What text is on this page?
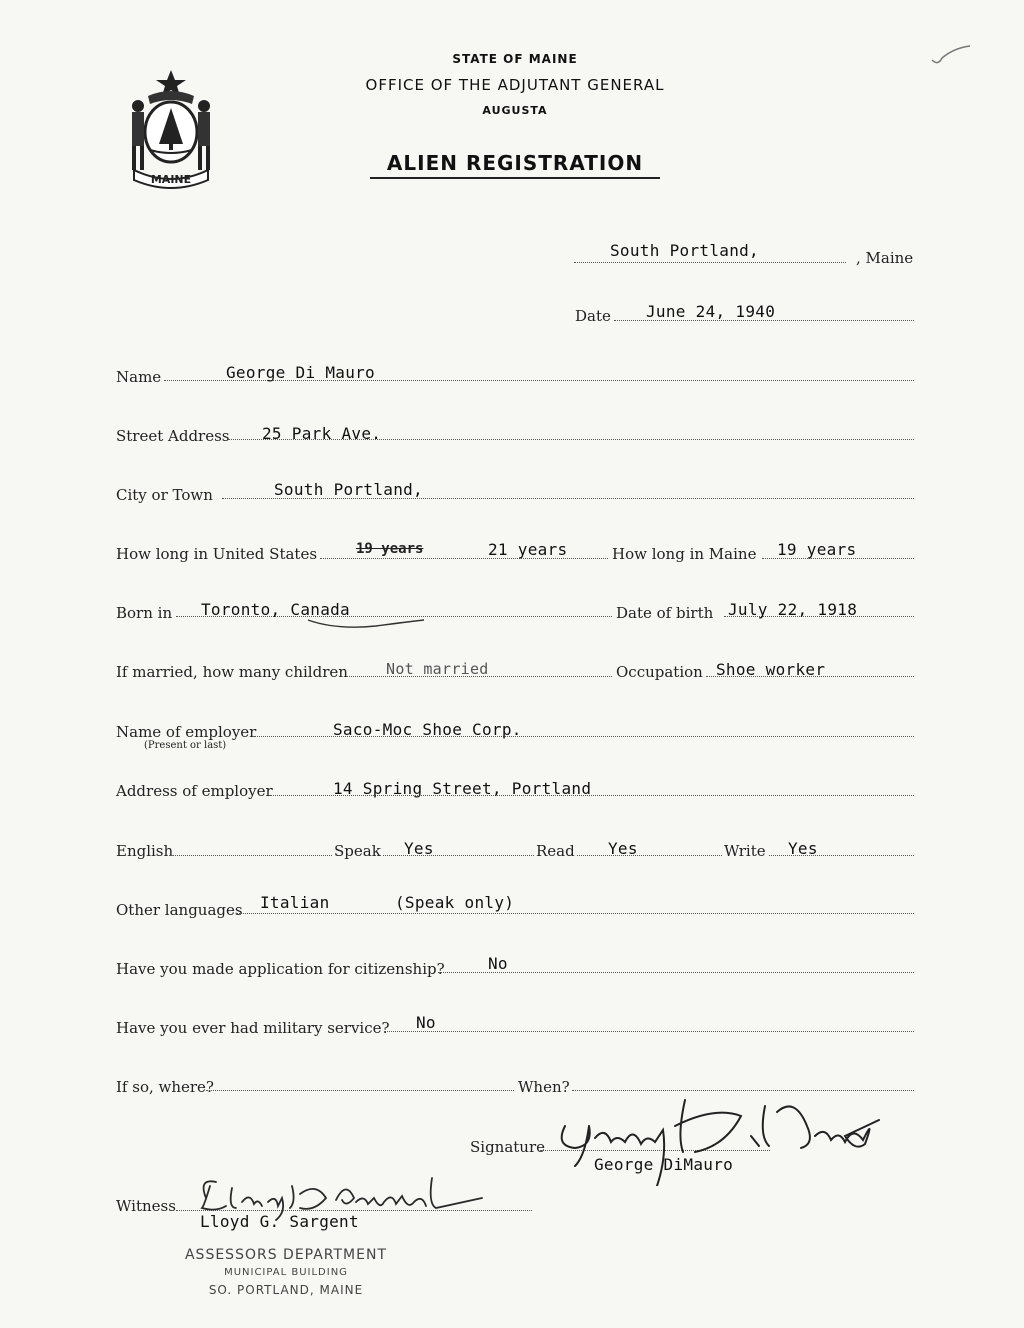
MAINE
STATE OF MAINE
OFFICE OF THE ADJUTANT GENERAL
AUGUSTA
ALIEN REGISTRATION
South Portland,	, Maine
Date June 24, 1940
Name	George Di Mauro
Street Address 25 Park Ave.
City or Town	South Portland,
How long in United States	19 years	21 years	How long in Maine 19 years
Born in Toronto, Canada	Date of birth July 22, 1918
If married, how many children	Not married	Occupation Shoe worker
Name of employer
(Present or last)
Saco-Moc Shoe Corp.
Address of employer	14 Spring Street, Portland
English	Speak Yes	Read Yes	Write Yes
Other languages Italian	(Speak only)
Have you made application for citizenship?	No
Have you ever had military service? No
If so, where?	When?
Signature
George DiMauro
Witness
Lloyd G. Sargent
ASSESSORS DEPARTMENT
MUNICIPAL BUILDING
SO. PORTLAND, MAINE
